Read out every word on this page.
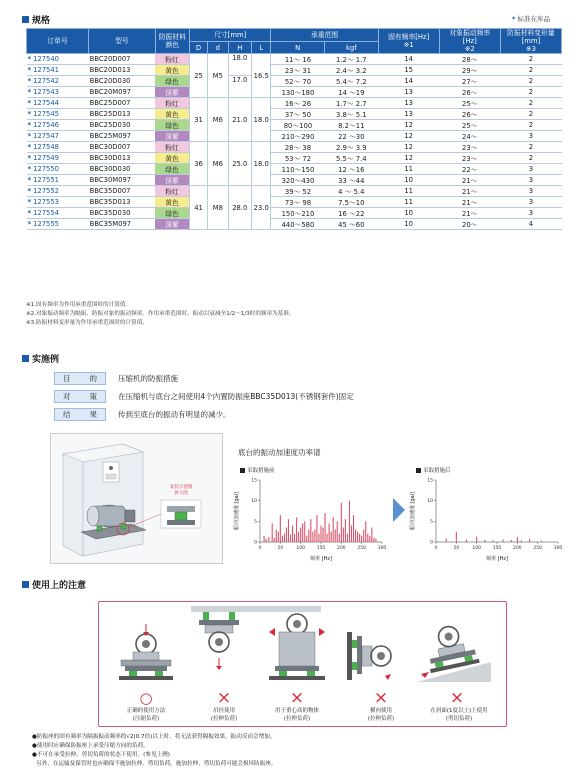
规格	* 标准在库品
订单号	型号	防振材料
颜色	尺寸[mm]				承重范围		固有频率[Hz]
※1	对象振动频率
[Hz]
※2	防振材料变形量
[mm]
※3
			D	d	H	L	N	kgf			
* 127540	BBC20D007	粉红	25	M5	18.0	16.5	11～ 16	1.2～ 1.7	14	28～	2
* 127541	BBC20D013	黄色					23～ 31	2.4～ 3.2	15	29～	2
* 127542	BBC20D030	绿色			17.0		52～ 70	5.4～ 7.2	14	27～	2
* 127543	BBC20M097	深紫					130～180	14 ～19	13	26～	2
* 127544	BBC25D007	粉红	31	M6	21.0	18.0	16～ 26	1.7～ 2.7	13	25～	2
* 127545	BBC25D013	黄色					37～ 50	3.8～ 5.1	13	26～	2
* 127546	BBC25D030	绿色					80～100	8.2～11	12	25～	2
* 127547	BBC25M097	深紫					210～290	22 ～30	12	24～	3
* 127548	BBC30D007	粉红	36	M6	25.0	18.0	28～ 38	2.9～ 3.9	12	23～	2
* 127549	BBC30D013	黄色					53～ 72	5.5～ 7.4	12	23～	2
* 127550	BBC30D030	绿色					110～150	12 ～16	11	22～	3
* 127551	BBC30M097	深紫					320～430	33 ～44	10	21～	3
* 127552	BBC35D007	粉红	41	M8	28.0	23.0	39～ 52	4 ～ 5.4	11	21～	3
* 127553	BBC35D013	黄色					73～ 98	7.5～10	11	21～	3
* 127554	BBC35D030	绿色					150～210	16 ～22	10	21～	3
* 127555	BBC35M097	深紫					440～580	45 ～60	10	20～	4
※1.固有频率为作用承重范围时的计算值。
※2.对象振动频率为隔振、防振对象的振动频率。作用承重范围时，振动以衰减至1/2～1/3时的频率为基准。
※3.防振材料变形量为作用承重范围时的计算值。
实施例
目	的	压缩机的防振措施
对	策	在压缩机与底台之间使用4个内置防振座BBC35D013(不锈钢套件)固定
结	果	传到至底台的振动有明显的减少。
安装示意图
放大图
底台的振动加速度功率谱
采取措施前
0
5
10
15
0	50	100	150	200	250	300
频率 [Hz]
振动加速度 [gal]
采取措施后
0
5
10
15
0	50	100	150	200	250	300
频率 [Hz]
振动加速度 [gal]
使用上的注意
○	×	×	×	×
正确的使用方法
(压缩负荷)
吊挂使用
(拉伸负荷)
用于重心高的物体
(拉伸负荷)
横向使用
(拉伸负荷)
在斜面(1度以上)上使用
(剪切负荷)
●防振座的固有频率为隔振振动频率的√2(0.7倍)以上时，将无法获得隔振效果，振动反而会增加。
●使用时应确保防振座上承受压缩方向的负荷。
●不可在承受拉伸、剪切负荷的状态下使用。(参见上例)
另外，在运输及保管时也应确保不施加拉伸、剪切负荷。施加拉伸、剪切负荷可能会损坏防振座。
